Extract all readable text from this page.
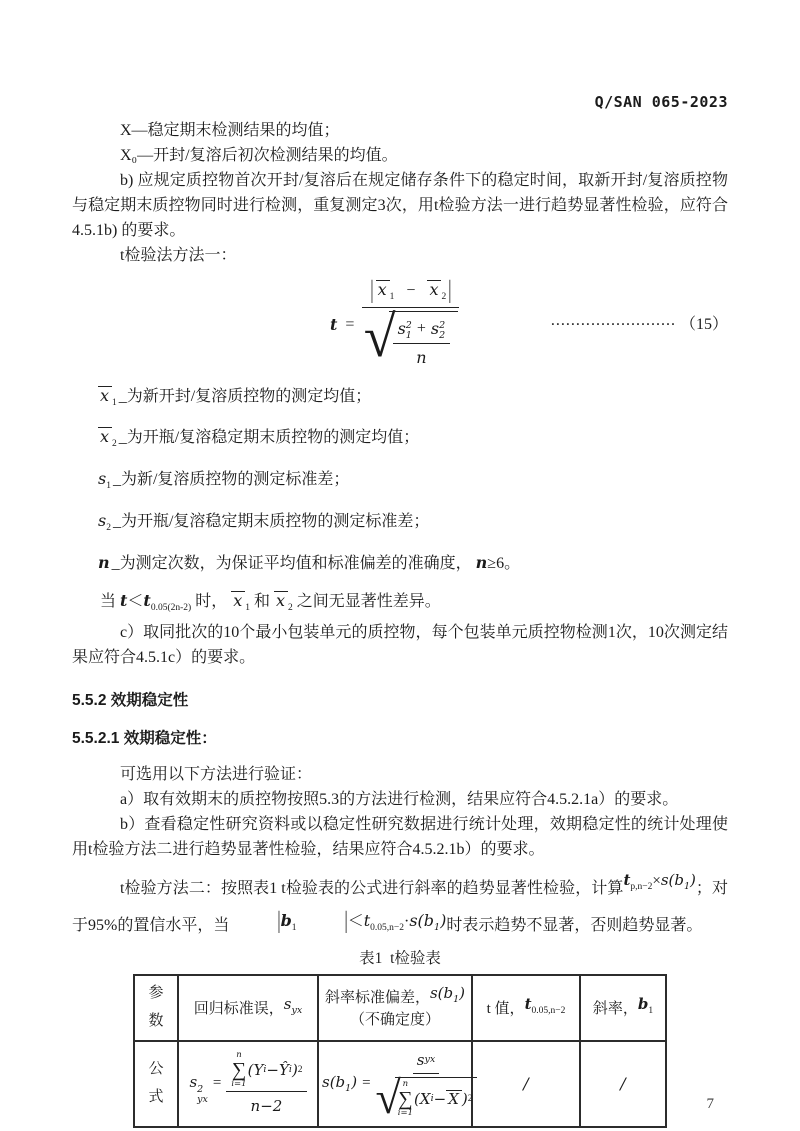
Q/SAN 065-2023

X—稳定期末检测结果的均值；

X₀—开封/复溶后初次检测结果的均值。

b) 应规定质控物首次开封/复溶后在规定储存条件下的稳定时间，取新开封/复溶质控物与稳定期末质控物同时进行检测，重复测定3次，用t检验方法一进行趋势显著性检验，应符合4.5.1b) 的要求。

t检验法方法一：

t =
| x $_1$ − x $_2$ |
√ s 2
1 + s 2
2
n
························· （15）

x $_1$ _为新开封/复溶质控物的测定均值；

x $_2$ _为开瓶/复溶稳定期末质控物的测定均值；

$s_1$ _为新/复溶质控物的测定标准差；

$s_2$ _为开瓶/复溶稳定期末质控物的测定标准差；

n _为测定次数，为保证平均值和标准偏差的准确度， n≥6。

当 $t<t_{0.05(2n-2)}$ 时， x $_1$ 和 x $_2$ 之间无显著性差异。

c）取同批次的10个最小包装单元的质控物，每个包装单元质控物检测1次，10次测定结果应符合4.5.1c）的要求。

5.5.2 效期稳定性

5.5.2.1 效期稳定性：

可选用以下方法进行验证：

a）取有效期末的质控物按照5.3的方法进行检测，结果应符合4.5.2.1a）的要求。

b）查看稳定性研究资料或以稳定性研究数据进行统计处理，效期稳定性的统计处理使用t检验方法二进行趋势显著性检验，结果应符合4.5.2.1b）的要求。

t检验方法二：按照表1 t检验表的公式进行斜率的趋势显著性检验，计算$t_{p,n-2}\times s(b_1)$；对于95%的置信水平，当	$|b_1$	$|<t_{0.05,n-2}\cdot s(b_1)$时表示趋势不显著，否则趋势显著。

表1  t检验表
参数	回归标准误，$s_{yx}$	斜率标准偏差，$s(b_1)$
（不确定度）	t 值，$t_{0.05,n-2}$	斜率，$b_1$
公式	s 2
yx
= n
∑
i=1
( Y i − Ŷ i ) 2
n−2	$s(b_1) = s$ yx
√ n
∑
i=1
( X i − X ) 2	/	/
7
